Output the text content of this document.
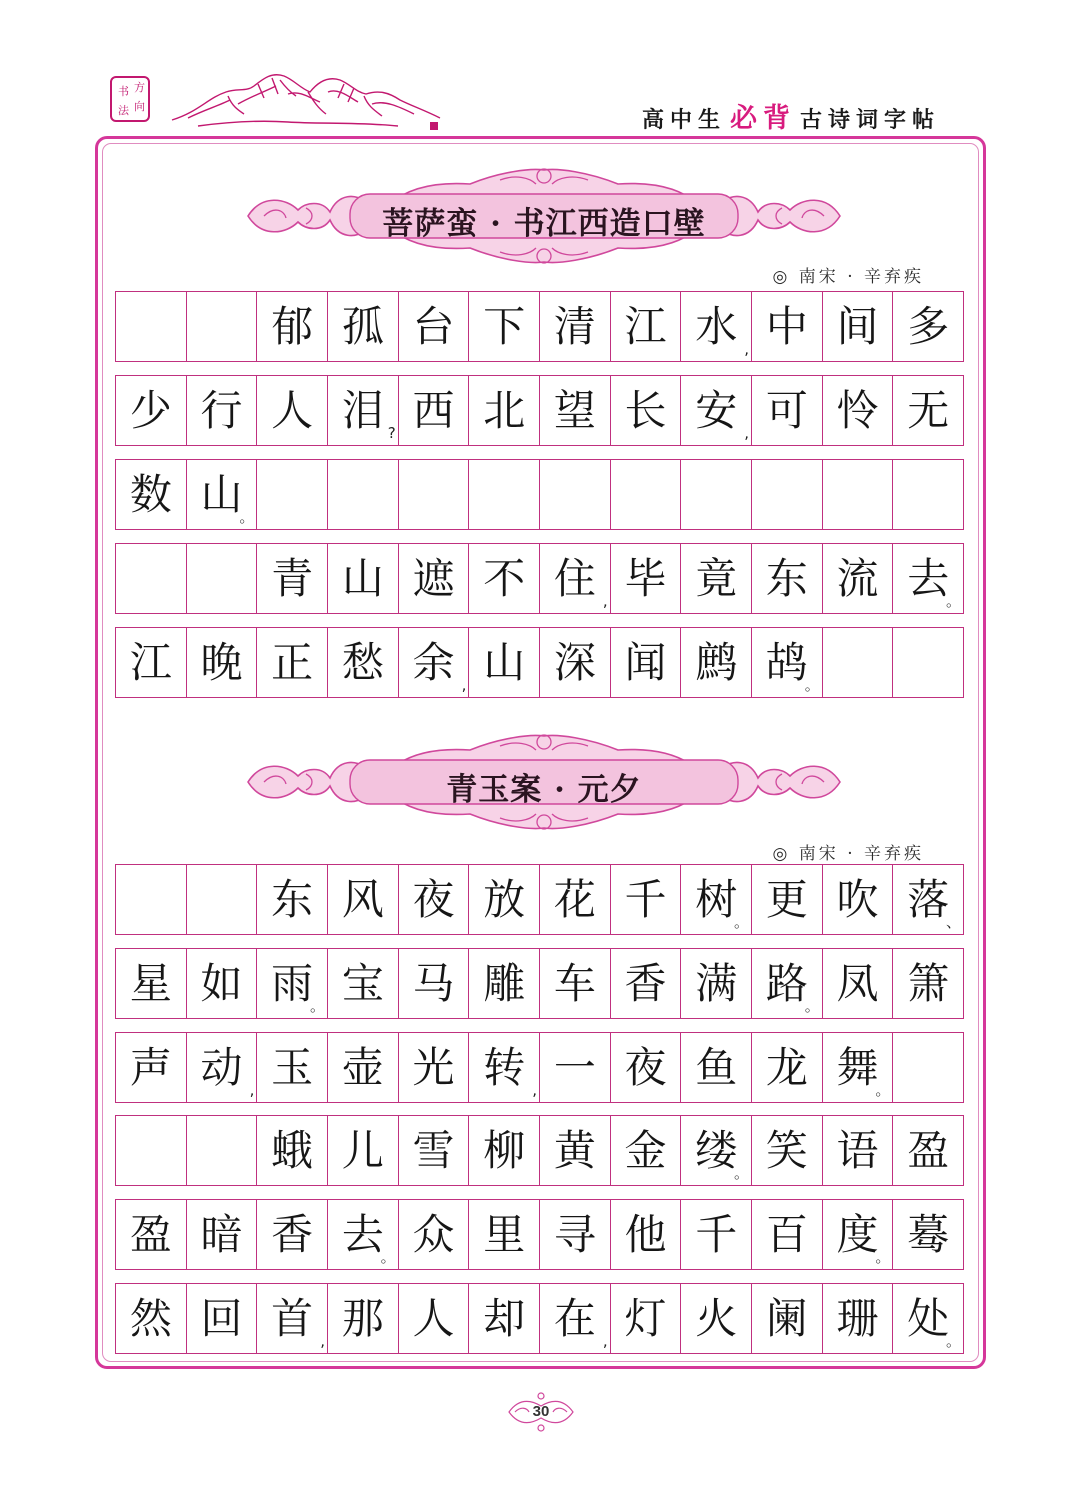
书 方
法 向
高中生 必背 古诗词字帖
菩萨蛮 · 书江西造口壁
◎ 南宋 · 辛弃疾
青玉案 · 元夕
◎ 南宋 · 辛弃疾
郁 孤 台 下 清 江 水 , 中 间 多
少 行 人 泪 ? 西 北 望 长 安 , 可 怜 无
数 山
。
青 山 遮 不 住 , 毕 竟 东 流 去
。
江 晚 正 愁 余 , 山 深 闻 鹧 鸪
。
东 风 夜 放 花 千 树
。 更 吹 落
、
星 如 雨
。 宝 马 雕 车 香 满 路
。 凤 箫
声 动 , 玉 壶 光 转 , 一 夜 鱼 龙 舞
。
蛾 儿 雪 柳 黄 金 缕
。 笑 语 盈
盈 暗 香 去
。 众 里 寻 他 千 百 度
。 蓦
然 回 首 , 那 人 却 在 , 灯 火 阑 珊 处
。
30
